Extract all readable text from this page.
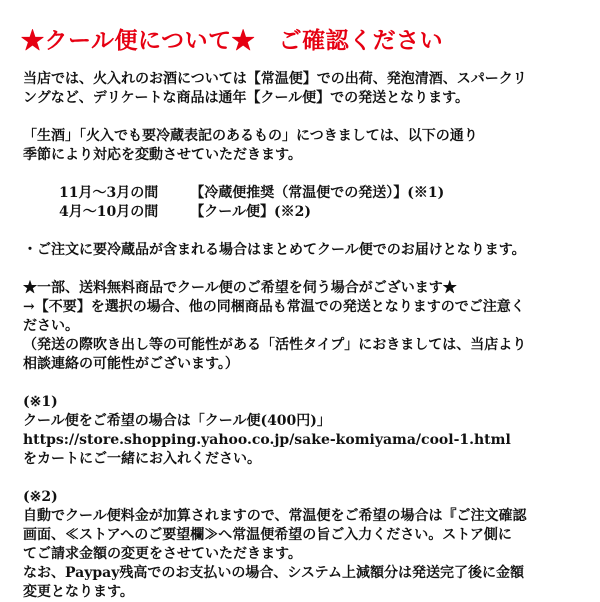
★クール便について★　ご確認ください
当店では、火入れのお酒については【常温便】での出荷、発泡清酒、スパークリ
ングなど、デリケートな商品は通年【クール便】での発送となります。
「生酒」「火入でも要冷蔵表記のあるもの」につきましては、以下の通り
季節により対応を変動させていただきます。
11月～3月の間 【冷蔵便推奨（常温便での発送）】(※1)
4月～10月の間 【クール便】(※2)
・ご注文に要冷蔵品が含まれる場合はまとめてクール便でのお届けとなります。
★一部、送料無料商品でクール便のご希望を伺う場合がございます★
→【不要】を選択の場合、他の同梱商品も常温での発送となりますのでご注意く
ださい。
（発送の際吹き出し等の可能性がある「活性タイプ」におきましては、当店より
相談連絡の可能性がございます。）
(※1)
クール便をご希望の場合は「クール便(400円)」
https://store.shopping.yahoo.co.jp/sake-komiyama/cool-1.html
をカートにご一緒にお入れください。
(※2)
自動でクール便料金が加算されますので、常温便をご希望の場合は『ご注文確認
画面、≪ストアへのご要望欄≫へ常温便希望の旨ご入力ください。ストア側に
てご請求金額の変更をさせていただきます。
なお、Paypay残高でのお支払いの場合、システム上減額分は発送完了後に金額
変更となります。
